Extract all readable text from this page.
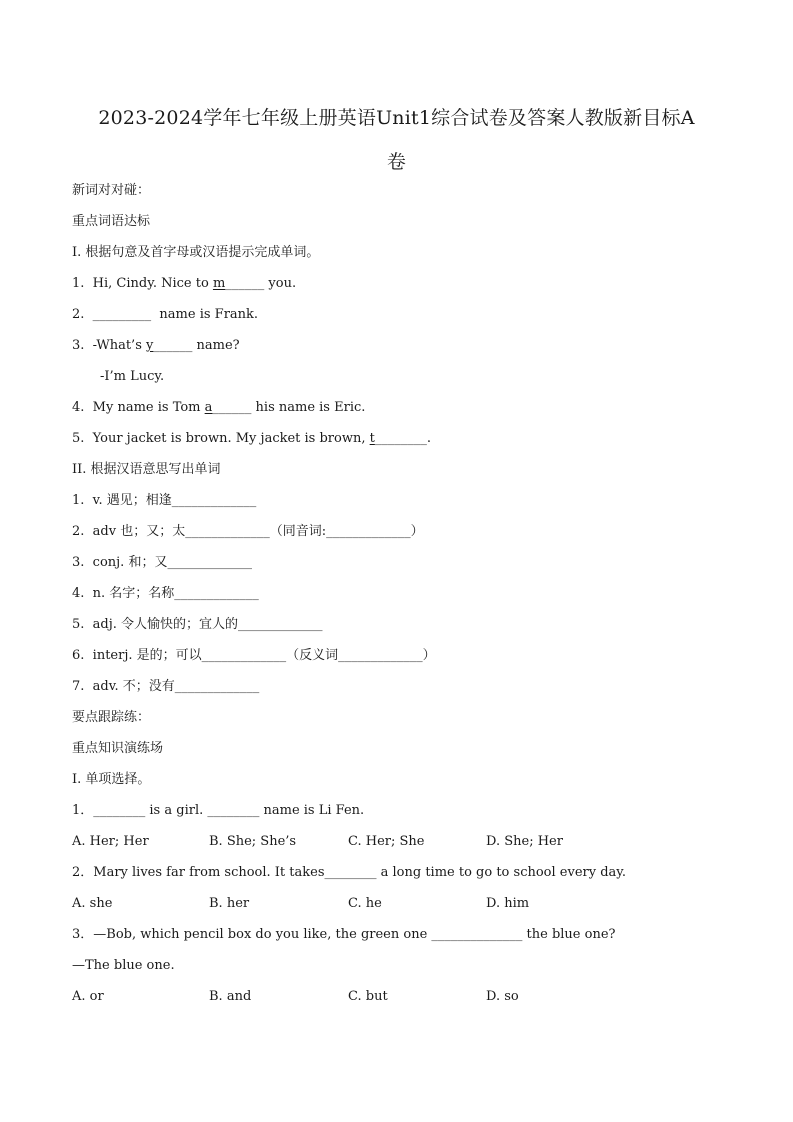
2023-2024学年七年级上册英语Unit1综合试卷及答案人教版新目标A
卷
新词对对碰：
重点词语达标
I. 根据句意及首字母或汉语提示完成单词。
1.  Hi, Cindy. Nice to m______ you.
2.  _________  name is Frank.
3.  -What’s y______ name?
-I’m Lucy.
4.  My name is Tom a______ his name is Eric.
5.  Your jacket is brown. My jacket is brown, t________.
II. 根据汉语意思写出单词
1.  v. 遇见；相逢_____________
2.  adv 也；又；太_____________（同音词:_____________）
3.  conj. 和；又_____________
4.  n. 名字；名称_____________
5.  adj. 令人愉快的；宜人的_____________
6.  interj. 是的；可以_____________（反义词_____________）
7.  adv. 不；没有_____________
要点跟踪练：
重点知识演练场
I. 单项选择。
1．________ is a girl. ________ name is Li Fen.

A. Her; Her

	B. She; She’s

	C. Her; She

	D. She; Her

2．Mary lives far from school. It takes________ a long time to go to school every day.

A. she

	B. her

	C. he

	D. him

3．—Bob, which pencil box do you like, the green one ______________ the blue one?
—The blue one.

A. or

	B. and

	C. but

	D. so
